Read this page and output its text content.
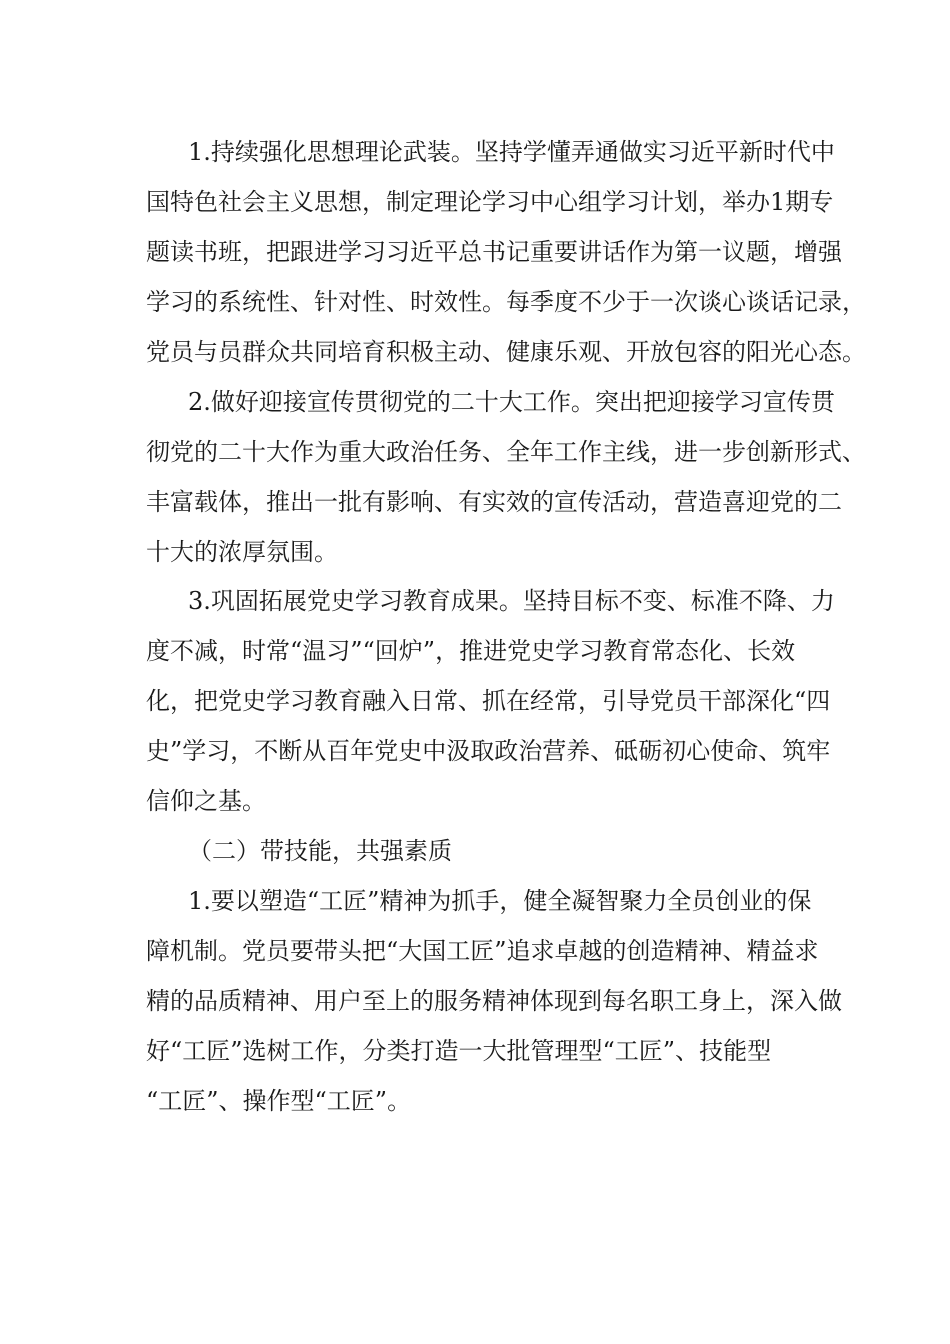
1.持续强化思想理论武装。坚持学懂弄通做实习近平新时代中
国特色社会主义思想，制定理论学习中心组学习计划，举办1期专
题读书班，把跟进学习习近平总书记重要讲话作为第一议题，增强
学习的系统性、针对性、时效性。每季度不少于一次谈心谈话记录，
党员与员群众共同培育积极主动、健康乐观、开放包容的阳光心态。
2.做好迎接宣传贯彻党的二十大工作。突出把迎接学习宣传贯
彻党的二十大作为重大政治任务、全年工作主线，进一步创新形式、
丰富载体，推出一批有影响、有实效的宣传活动，营造喜迎党的二
十大的浓厚氛围。
3.巩固拓展党史学习教育成果。坚持目标不变、标准不降、力
度不减，时常“温习”“回炉”，推进党史学习教育常态化、长效
化，把党史学习教育融入日常、抓在经常，引导党员干部深化“四
史”学习，不断从百年党史中汲取政治营养、砥砺初心使命、筑牢
信仰之基。
（二）带技能，共强素质
1.要以塑造“工匠”精神为抓手，健全凝智聚力全员创业的保
障机制。党员要带头把“大国工匠”追求卓越的创造精神、精益求
精的品质精神、用户至上的服务精神体现到每名职工身上，深入做
好“工匠”选树工作，分类打造一大批管理型“工匠”、技能型
“工匠”、操作型“工匠”。
